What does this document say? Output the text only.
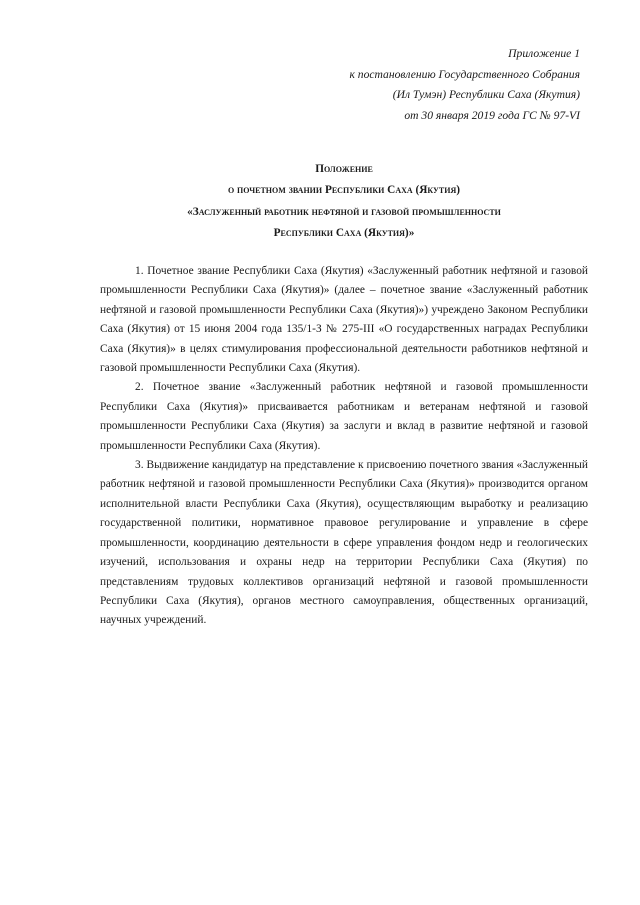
Приложение 1
к постановлению Государственного Собрания
(Ил Тумэн) Республики Саха (Якутия)
от 30 января 2019 года ГС № 97-VI
Положение
о почетном звании Республики Саха (Якутия)
«Заслуженный работник нефтяной и газовой промышленности
Республики Саха (Якутия)»

1. Почетное звание Республики Саха (Якутия) «Заслуженный работник нефтяной и газовой промышленности Республики Саха (Якутия)» (далее – почетное звание «Заслуженный работник нефтяной и газовой промышленности Республики Саха (Якутия)») учреждено Законом Республики Саха (Якутия) от 15 июня 2004 года 135/1-З № 275-III «О государственных наградах Республики Саха (Якутия)» в целях стимулирования профессиональной деятельности работников нефтяной и газовой промышленности Республики Саха (Якутия).

2. Почетное звание «Заслуженный работник нефтяной и газовой промышленности Республики Саха (Якутия)» присваивается работникам и ветеранам нефтяной и газовой промышленности Республики Саха (Якутия) за заслуги и вклад в развитие нефтяной и газовой промышленности Республики Саха (Якутия).

3. Выдвижение кандидатур на представление к присвоению почетного звания «Заслуженный работник нефтяной и газовой промышленности Республики Саха (Якутия)» производится органом исполнительной власти Республики Саха (Якутия), осуществляющим выработку и реализацию государственной политики, нормативное правовое регулирование и управление в сфере промышленности, координацию деятельности в сфере управления фондом недр и геологических изучений, использования и охраны недр на территории Республики Саха (Якутия) по представлениям трудовых коллективов организаций нефтяной и газовой промышленности Республики Саха (Якутия), органов местного самоуправления, общественных организаций, научных учреждений.
